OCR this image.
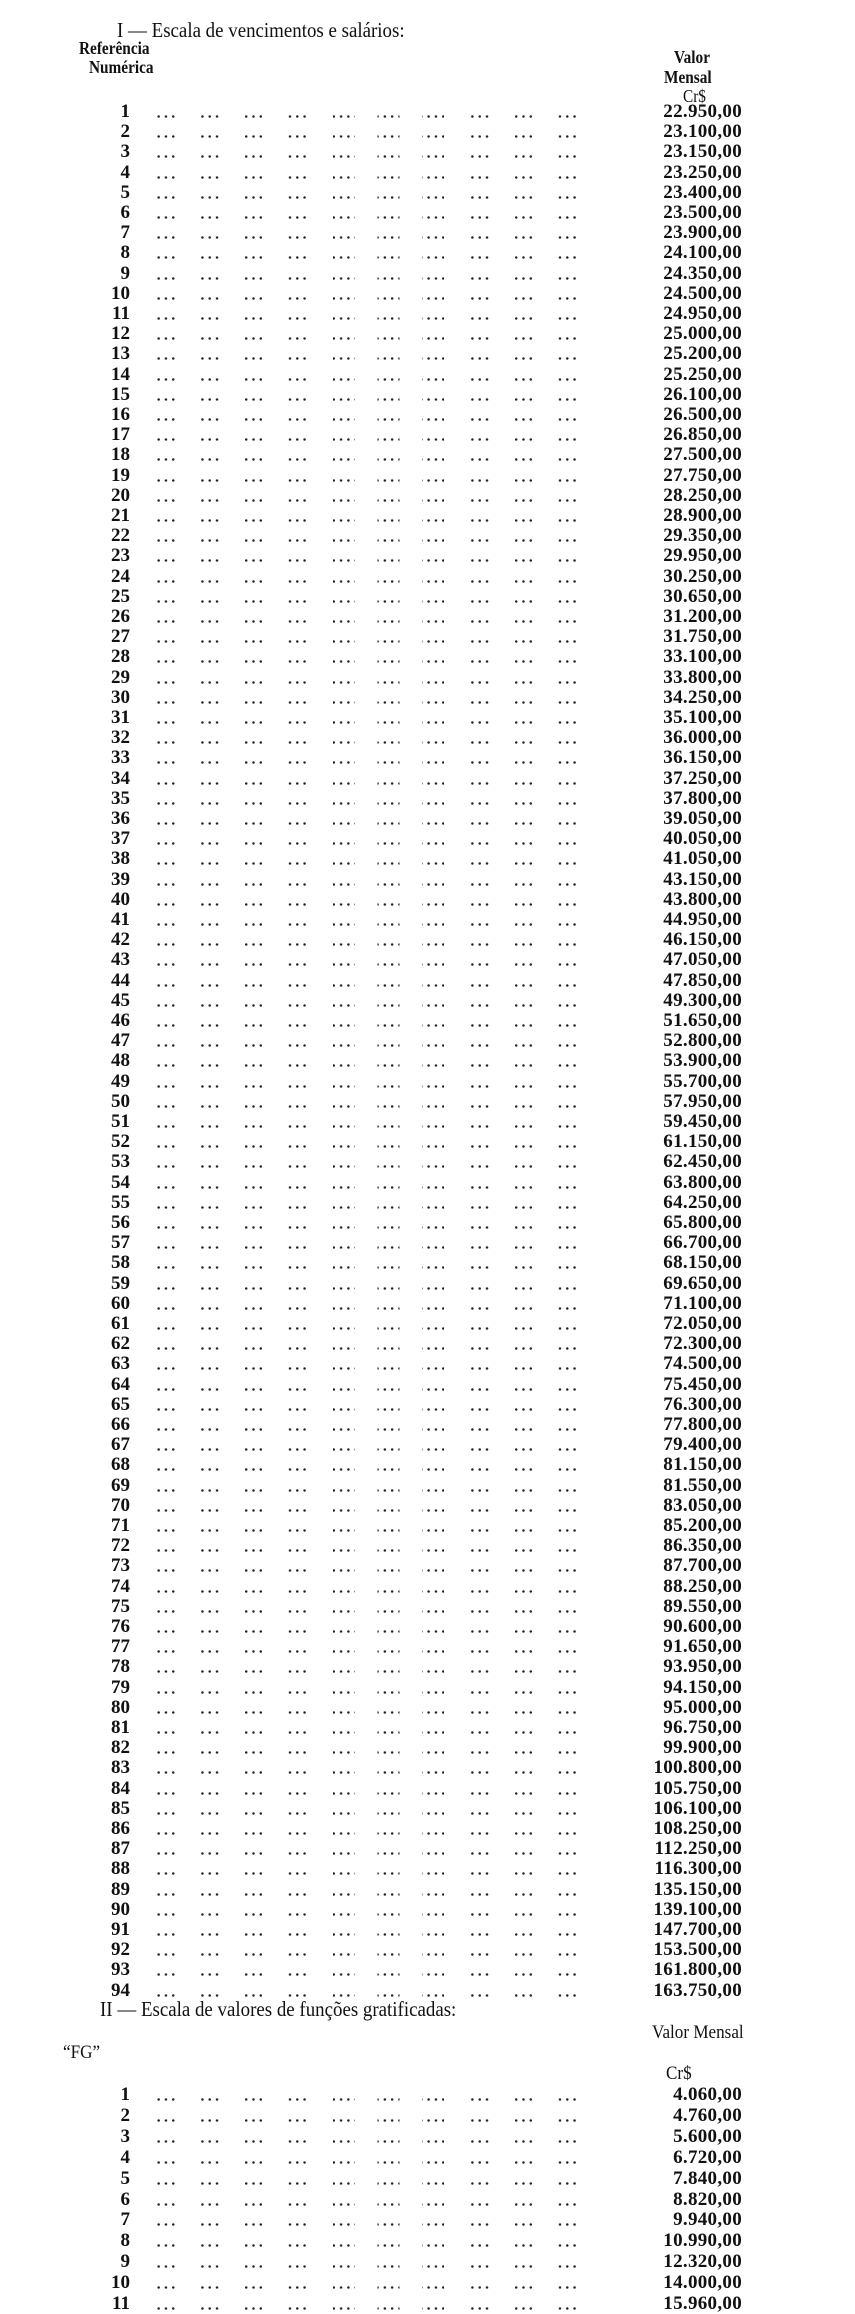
I — Escala de vencimentos e salários:
Referência
Numérica	Valor
Mensal
Cr$
1	22.950,00
2	23.100,00
3	23.150,00
4	23.250,00
5	23.400,00
6	23.500,00
7	23.900,00
8	24.100,00
9	24.350,00
10	24.500,00
11	24.950,00
12	25.000,00
13	25.200,00
14	25.250,00
15	26.100,00
16	26.500,00
17	26.850,00
18	27.500,00
19	27.750,00
20	28.250,00
21	28.900,00
22	29.350,00
23	29.950,00
24	30.250,00
25	30.650,00
26	31.200,00
27	31.750,00
28	33.100,00
29	33.800,00
30	34.250,00
31	35.100,00
32	36.000,00
33	36.150,00
34	37.250,00
35	37.800,00
36	39.050,00
37	40.050,00
38	41.050,00
39	43.150,00
40	43.800,00
41	44.950,00
42	46.150,00
43	47.050,00
44	47.850,00
45	49.300,00
46	51.650,00
47	52.800,00
48	53.900,00
49	55.700,00
50	57.950,00
51	59.450,00
52	61.150,00
53	62.450,00
54	63.800,00
55	64.250,00
56	65.800,00
57	66.700,00
58	68.150,00
59	69.650,00
60	71.100,00
61	72.050,00
62	72.300,00
63	74.500,00
64	75.450,00
65	76.300,00
66	77.800,00
67	79.400,00
68	81.150,00
69	81.550,00
70	83.050,00
71	85.200,00
72	86.350,00
73	87.700,00
74	88.250,00
75	89.550,00
76	90.600,00
77	91.650,00
78	93.950,00
79	94.150,00
80	95.000,00
81	96.750,00
82	99.900,00
83	100.800,00
84	105.750,00
85	106.100,00
86	108.250,00
87	112.250,00
88	116.300,00
89	135.150,00
90	139.100,00
91	147.700,00
92	153.500,00
93	161.800,00
94	163.750,00
II — Escala de valores de funções gratificadas:
Valor Mensal
“FG”
Cr$
1	4.060,00
2	4.760,00
3	5.600,00
4	6.720,00
5	7.840,00
6	8.820,00
7	9.940,00
8	10.990,00
9	12.320,00
10	14.000,00
11	15.960,00
